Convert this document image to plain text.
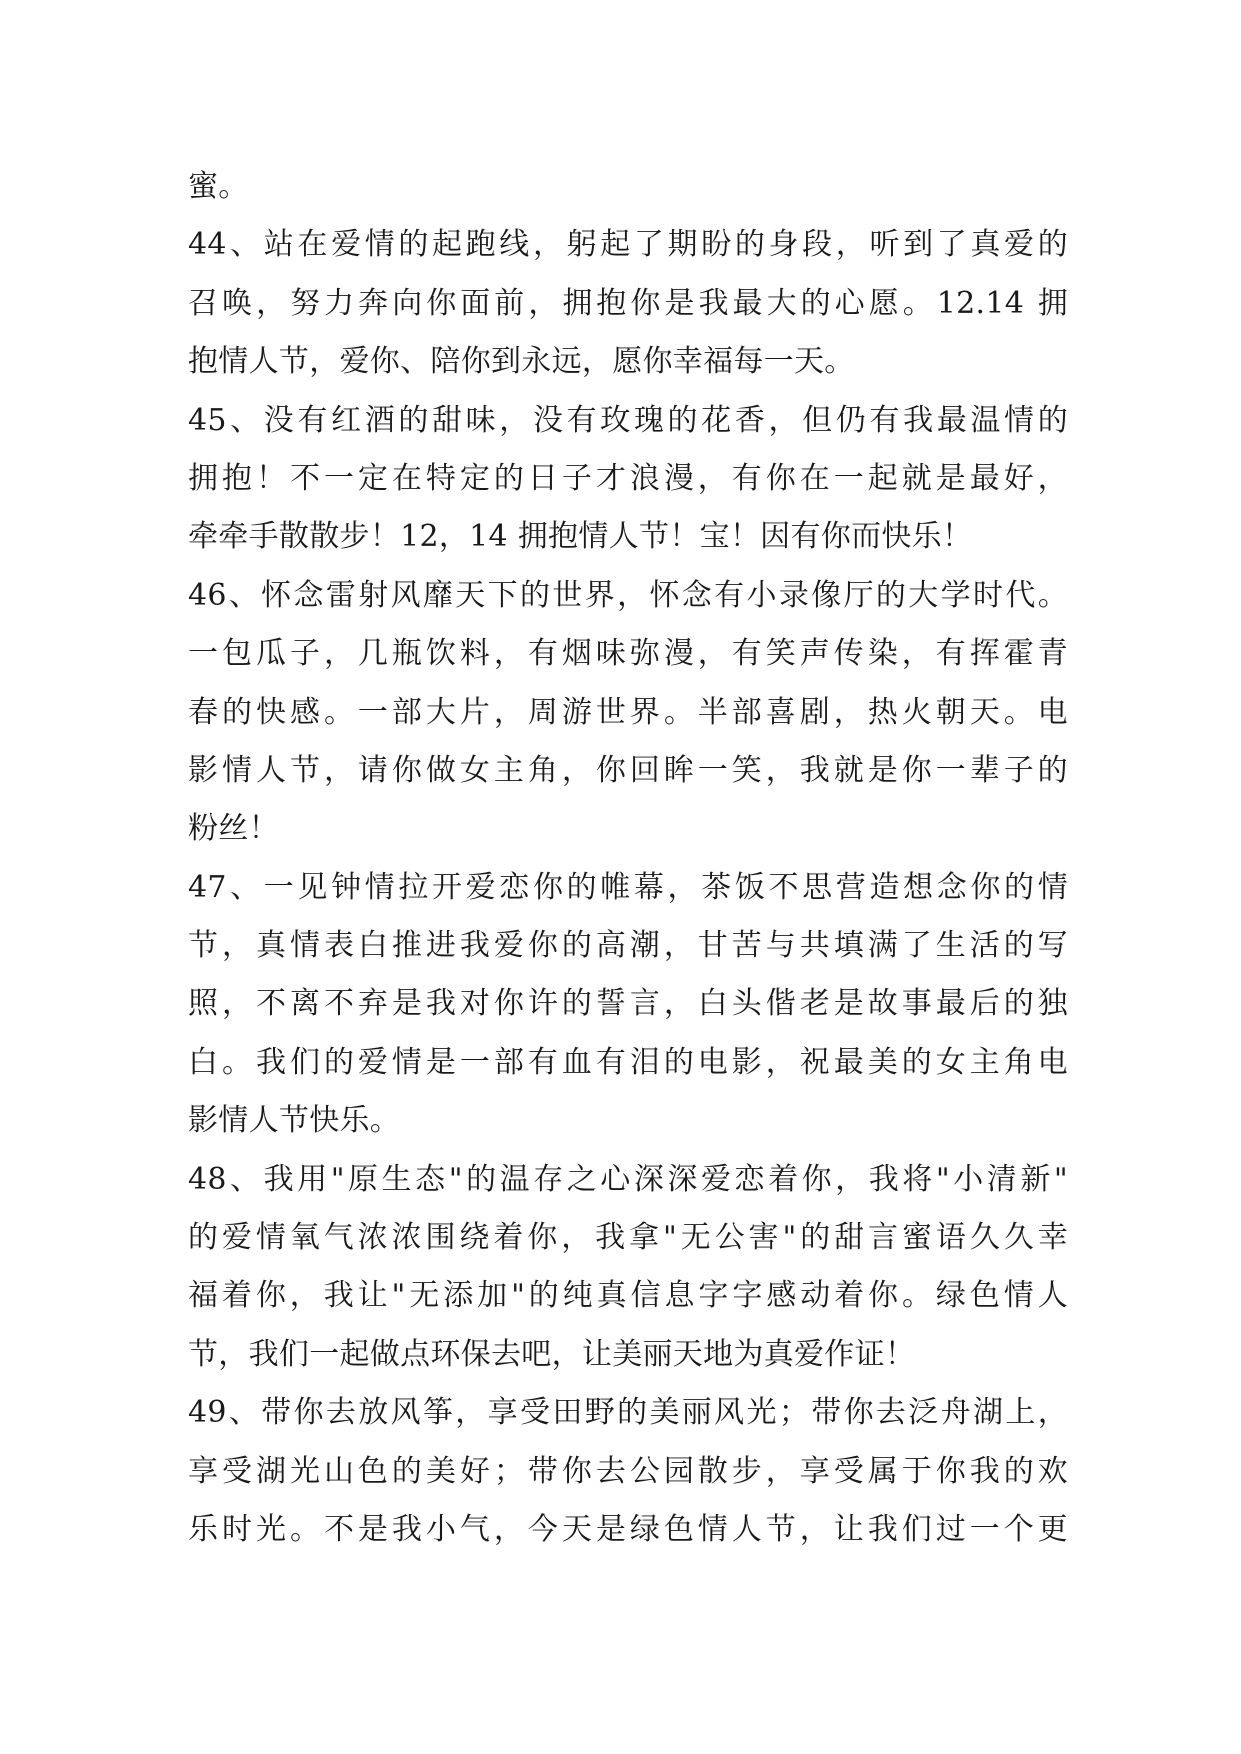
蜜。
44、站在爱情的起跑线，躬起了期盼的身段，听到了真爱的
召唤，努力奔向你面前，拥抱你是我最大的心愿。12.14 拥
抱情人节，爱你、陪你到永远，愿你幸福每一天。
45、没有红酒的甜味，没有玫瑰的花香，但仍有我最温情的
拥抱！不一定在特定的日子才浪漫，有你在一起就是最好，
牵牵手散散步！12，14 拥抱情人节！宝！因有你而快乐！
46、怀念雷射风靡天下的世界，怀念有小录像厅的大学时代。
一包瓜子，几瓶饮料，有烟味弥漫，有笑声传染，有挥霍青
春的快感。一部大片，周游世界。半部喜剧，热火朝天。电
影情人节，请你做女主角，你回眸一笑，我就是你一辈子的
粉丝！
47、一见钟情拉开爱恋你的帷幕，茶饭不思营造想念你的情
节，真情表白推进我爱你的高潮，甘苦与共填满了生活的写
照，不离不弃是我对你许的誓言，白头偕老是故事最后的独
白。我们的爱情是一部有血有泪的电影，祝最美的女主角电
影情人节快乐。
48、我用"原生态"的温存之心深深爱恋着你，我将"小清新"
的爱情氧气浓浓围绕着你，我拿"无公害"的甜言蜜语久久幸
福着你，我让"无添加"的纯真信息字字感动着你。绿色情人
节，我们一起做点环保去吧，让美丽天地为真爱作证！
49、带你去放风筝，享受田野的美丽风光；带你去泛舟湖上，
享受湖光山色的美好；带你去公园散步，享受属于你我的欢
乐时光。不是我小气，今天是绿色情人节，让我们过一个更
